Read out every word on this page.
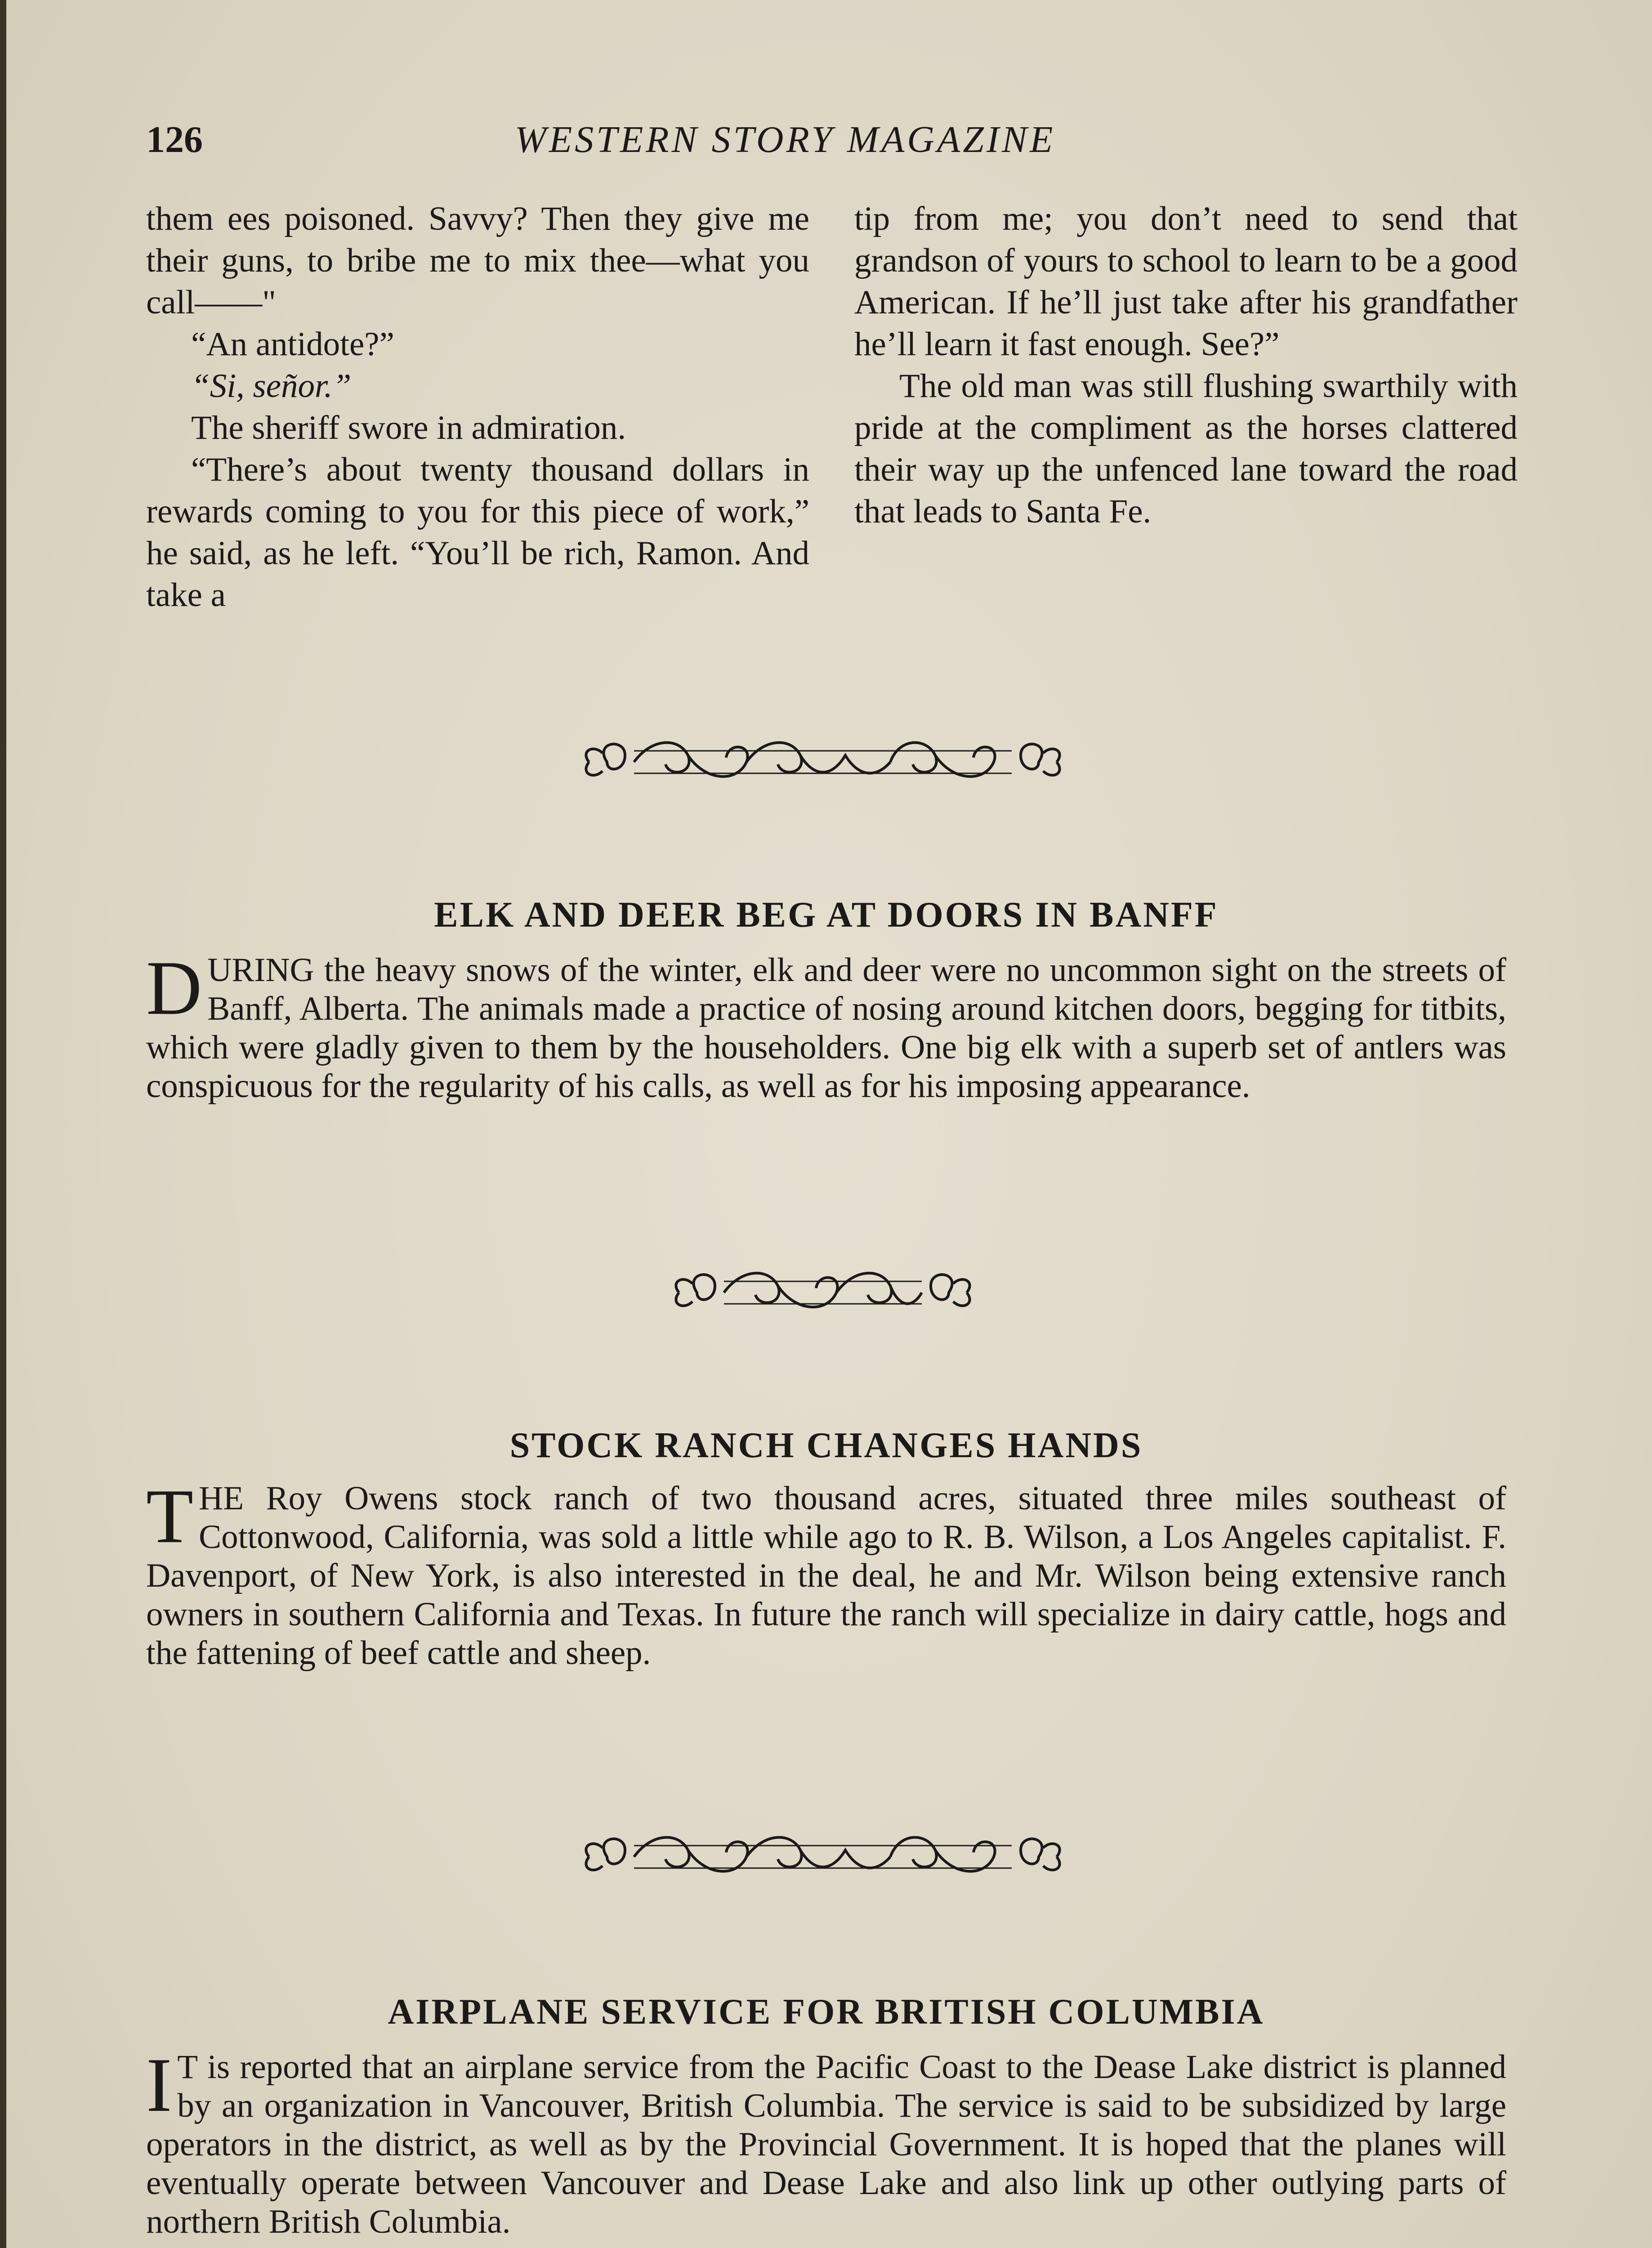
126	WESTERN STORY MAGAZINE

them ees poisoned. Savvy? Then they give me their guns, to bribe me to mix thee—what you call——"

“An antidote?”

“Si, señor.”

The sheriff swore in admiration.

“There’s about twenty thousand dollars in rewards coming to you for this piece of work,” he said, as he left. “You’ll be rich, Ramon. And take a

tip from me; you don’t need to send that grandson of yours to school to learn to be a good American. If he’ll just take after his grandfather he’ll learn it fast enough. See?”

The old man was still flushing swarthily with pride at the compliment as the horses clattered their way up the unfenced lane toward the road that leads to Santa Fe.

ELK AND DEER BEG AT DOORS IN BANFF

DURING the heavy snows of the winter, elk and deer were no uncommon sight on the streets of Banff, Alberta. The animals made a practice of nosing around kitchen doors, begging for titbits, which were gladly given to them by the householders. One big elk with a superb set of antlers was conspicuous for the regularity of his calls, as well as for his imposing appearance.

STOCK RANCH CHANGES HANDS

THE Roy Owens stock ranch of two thousand acres, situated three miles southeast of Cottonwood, California, was sold a little while ago to R. B. Wilson, a Los Angeles capitalist. F. Davenport, of New York, is also interested in the deal, he and Mr. Wilson being extensive ranch owners in southern California and Texas. In future the ranch will specialize in dairy cattle, hogs and the fattening of beef cattle and sheep.

AIRPLANE SERVICE FOR BRITISH COLUMBIA

I T is reported that an airplane service from the Pacific Coast to the Dease Lake district is planned by an organization in Vancouver, British Columbia. The service is said to be subsidized by large operators in the district, as well as by the Provincial Government. It is hoped that the planes will eventually operate between Vancouver and Dease Lake and also link up other outlying parts of northern British Columbia.
